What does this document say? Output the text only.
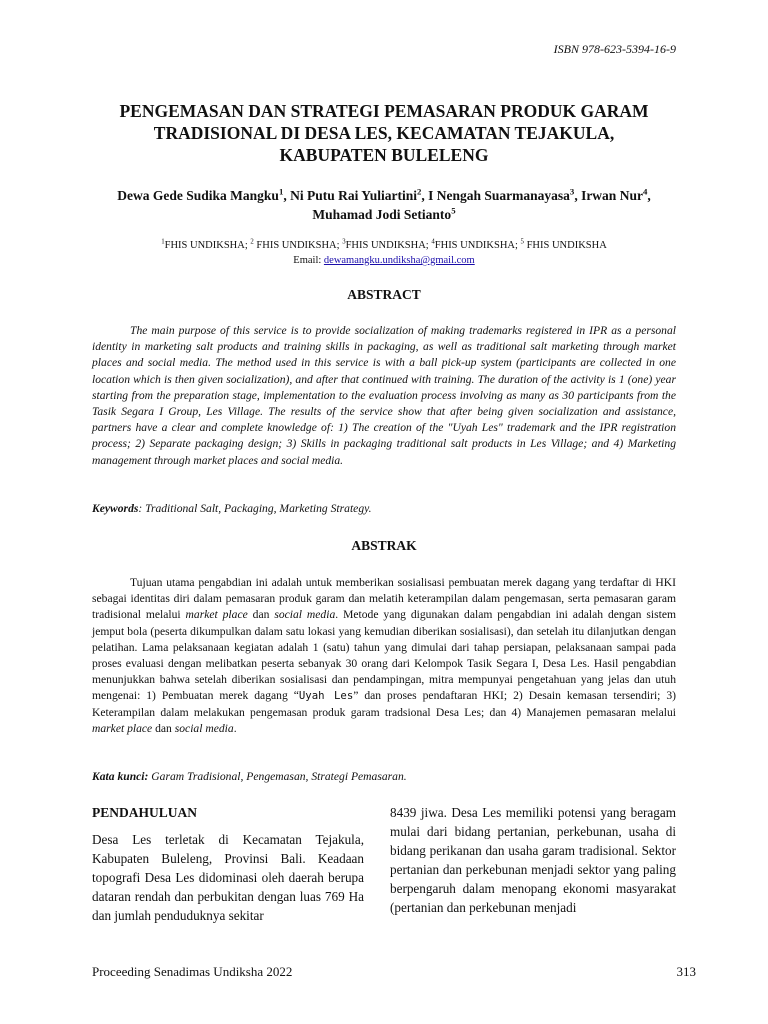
ISBN 978-623-5394-16-9
PENGEMASAN DAN STRATEGI PEMASARAN PRODUK GARAM
TRADISIONAL DI DESA LES, KECAMATAN TEJAKULA,
KABUPATEN BULELENG
Dewa Gede Sudika Mangku$^1$, Ni Putu Rai Yuliartini$^2$, I Nengah Suarmanayasa$^3$, Irwan Nur$^4$,
Muhamad Jodi Setianto$^5$
$^1$FHIS UNDIKSHA; $^2$ FHIS UNDIKSHA; $^3$FHIS UNDIKSHA; $^4$FHIS UNDIKSHA; $^5$ FHIS UNDIKSHA
Email: dewamangku.undiksha@gmail.com
ABSTRACT

The main purpose of this service is to provide socialization of making trademarks registered in IPR as a personal identity in marketing salt products and training skills in packaging, as well as traditional salt marketing through market places and social media. The method used in this service is with a ball pick-up system (participants are collected in one location which is then given socialization), and after that continued with training. The duration of the activity is 1 (one) year starting from the preparation stage, implementation to the evaluation process involving as many as 30 participants from the Tasik Segara I Group, Les Village. The results of the service show that after being given socialization and assistance, partners have a clear and complete knowledge of: 1) The creation of the "Uyah Les" trademark and the IPR registration process; 2) Separate packaging design; 3) Skills in packaging traditional salt products in Les Village; and 4) Marketing management through market places and social media.

Keywords: Traditional Salt, Packaging, Marketing Strategy.
ABSTRAK

Tujuan utama pengabdian ini adalah untuk memberikan sosialisasi pembuatan merek dagang yang terdaftar di HKI sebagai identitas diri dalam pemasaran produk garam dan melatih keterampilan dalam pengemasan, serta pemasaran garam tradisional melalui market place dan social media. Metode yang digunakan dalam pengabdian ini adalah dengan sistem jemput bola (peserta dikumpulkan dalam satu lokasi yang kemudian diberikan sosialisasi), dan setelah itu dilanjutkan dengan pelatihan. Lama pelaksanaan kegiatan adalah 1 (satu) tahun yang dimulai dari tahap persiapan, pelaksanaan sampai pada proses evaluasi dengan melibatkan peserta sebanyak 30 orang dari Kelompok Tasik Segara I, Desa Les. Hasil pengabdian menunjukkan bahwa setelah diberikan sosialisasi dan pendampingan, mitra mempunyai pengetahuan yang jelas dan utuh mengenai: 1) Pembuatan merek dagang “Uyah Les” dan proses pendaftaran HKI; 2) Desain kemasan tersendiri; 3) Keterampilan dalam melakukan pengemasan produk garam tradsional Desa Les; dan 4) Manajemen pemasaran melalui market place dan social media.

Kata kunci: Garam Tradisional, Pengemasan, Strategi Pemasaran.
PENDAHULUAN

Desa Les terletak di Kecamatan Tejakula, Kabupaten Buleleng, Provinsi Bali. Keadaan topografi Desa Les didominasi oleh daerah berupa dataran rendah dan perbukitan dengan luas 769 Ha dan jumlah penduduknya sekitar

8439 jiwa. Desa Les memiliki potensi yang beragam mulai dari bidang pertanian, perkebunan, usaha di bidang perikanan dan usaha garam tradisional. Sektor pertanian dan perkebunan menjadi sektor yang paling berpengaruh dalam menopang ekonomi masyarakat (pertanian dan perkebunan menjadi

Proceeding Senadimas Undiksha 2022	313
